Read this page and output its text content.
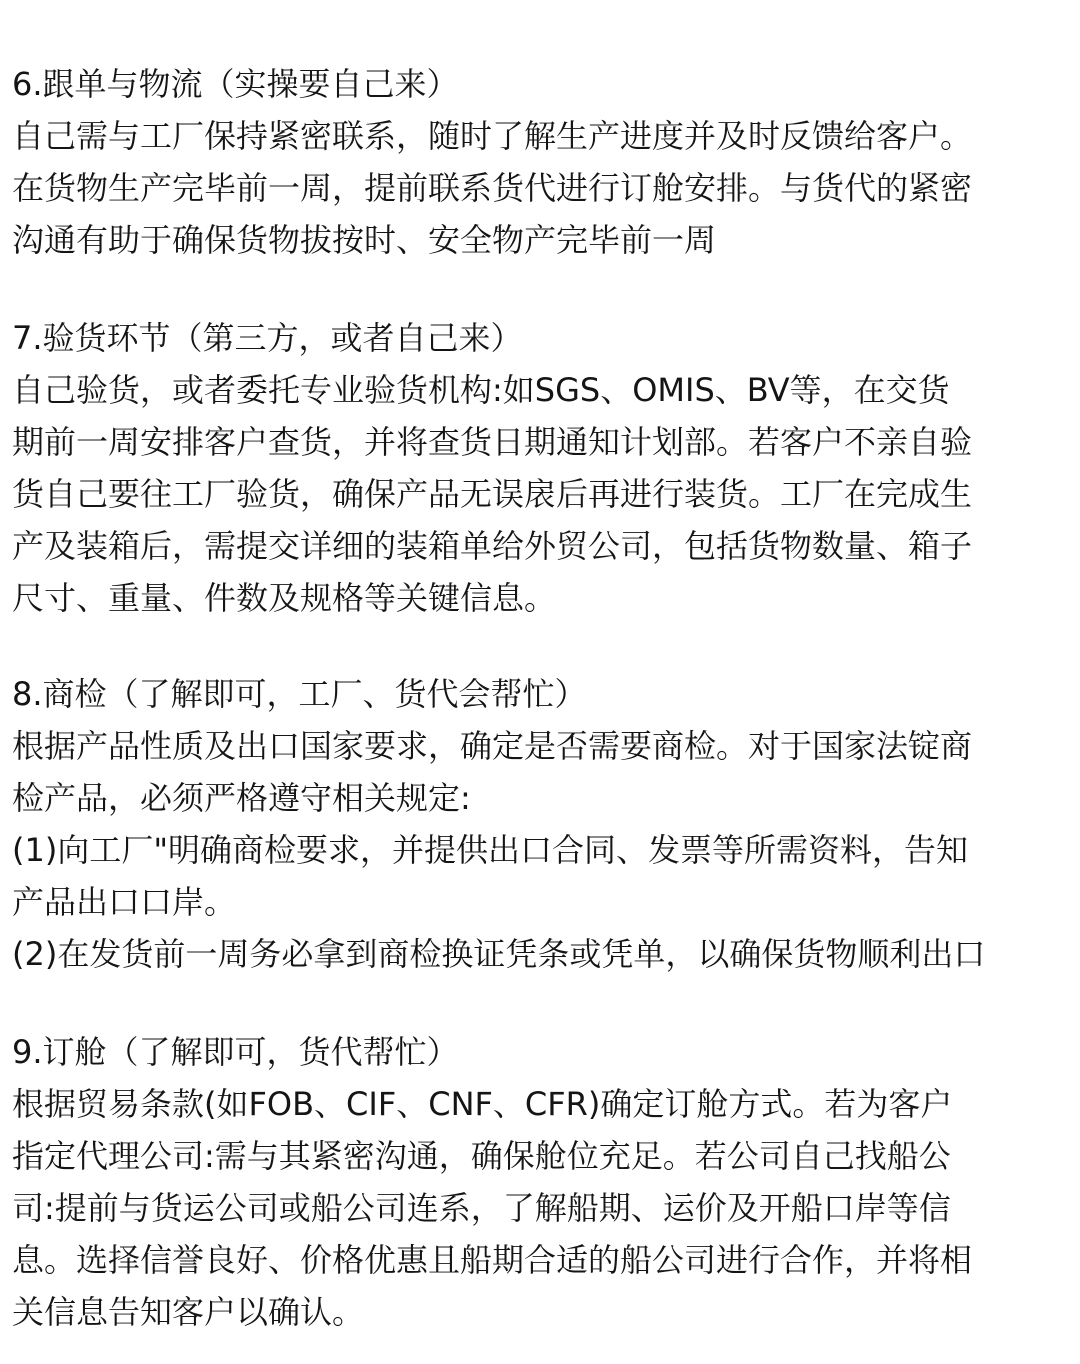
6.跟单与物流（实操要自己来）
自己需与工厂保持紧密联系，随时了解生产进度并及时反馈给客户。
在货物生产完毕前一周，提前联系货代进行订舱安排。与货代的紧密
沟通有助于确保货物拔按时、安全物产完毕前一周
7.验货环节（第三方，或者自己来）
自己验货，或者委托专业验货机构:如SGS、OMIS、BV等，在交货
期前一周安排客户查货，并将查货日期通知计划部。若客户不亲自验
货自己要往工厂验货，确保产品无误扆后再进行装货。工厂在完成生
产及装箱后，需提交详细的装箱单给外贸公司，包括货物数量、箱子
尺寸、重量、件数及规格等关键信息。
8.商检（了解即可，工厂、货代会帮忙）
根据产品性质及出口国家要求，确定是否需要商检。对于国家法锭商
检产品，必须严格遵守相关规定:
(1)向工厂"明确商检要求，并提供出口合同、发票等所需资料，告知
产品出口口岸。
(2)在发货前一周务必拿到商检换证凭条或凭单，以确保货物顺利出口
9.订舱（了解即可，货代帮忙）
根据贸易条款(如FOB、CIF、CNF、CFR)确定订舱方式。若为客户
指定代理公司:需与其紧密沟通，确保舱位充足。若公司自己找船公
司:提前与货运公司或船公司连系，了解船期、运价及开船口岸等信
息。选择信誉良好、价格优惠且船期合适的船公司进行合作，并将相
关信息告知客户以确认。
